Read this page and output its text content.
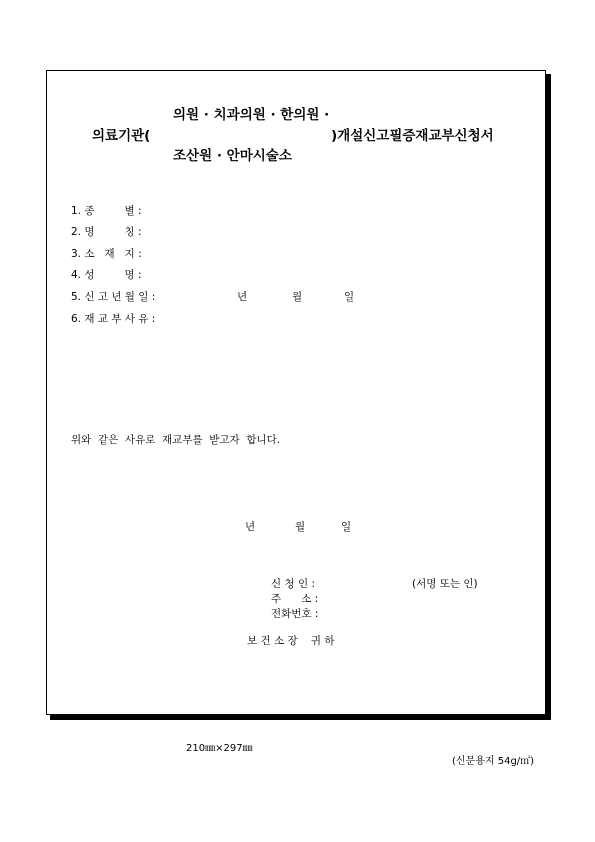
의원 · 치과의원 · 한의원 ·
의료기관(	)개설신고필증재교부신청서
조산원 · 안마시술소
1. 종         별 :
2. 명         칭 :
3. 소   재   지 :
4. 성         명 :
5. 신 고 년 월 일 :	년	월	일
6. 재 교 부 사 유 :
위와  같은  사유로  재교부를  받고자  합니다.
년	월	일
신 청 인 :	(서명 또는 인)
주      소 :
전화번호 :
보 건 소 장    귀 하
210㎜×297㎜
(신문용지 54g/㎡)
